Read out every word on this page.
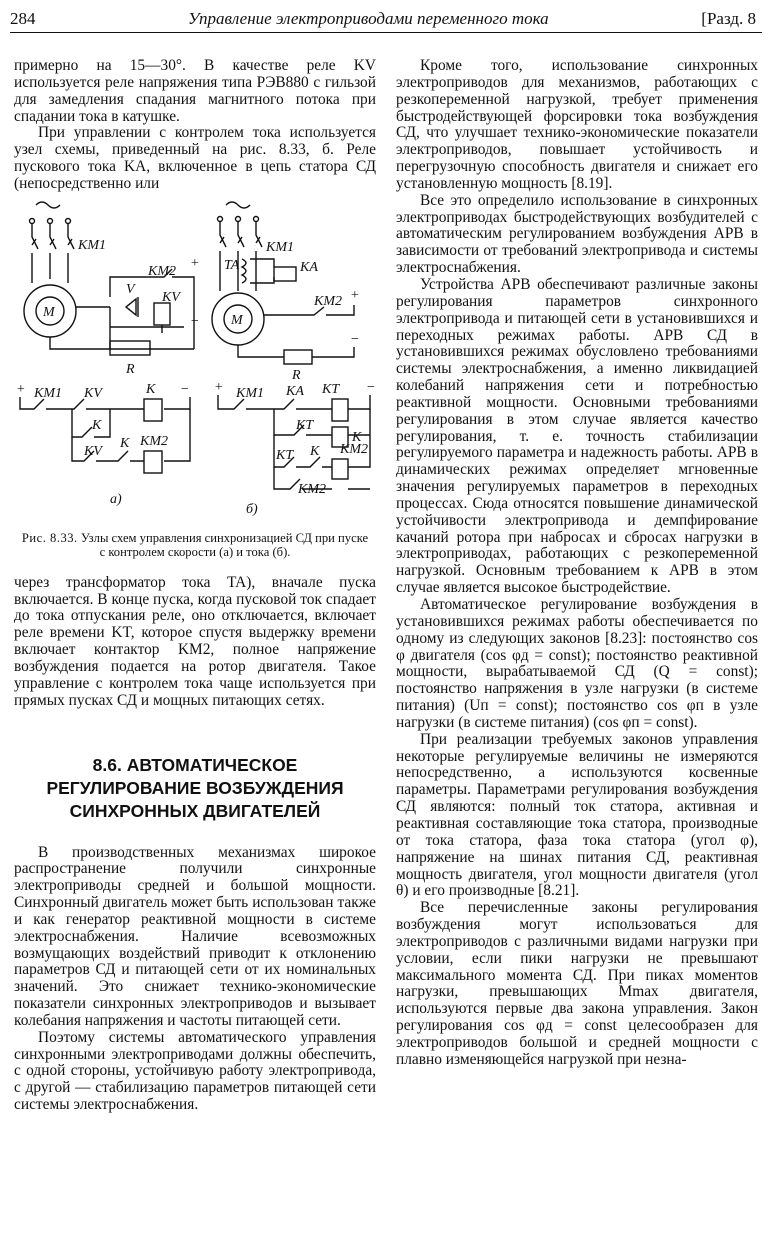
284	Управление электроприводами переменного тока	[Разд. 8

примерно на 15—30°. В качестве реле KV используется реле напряжения типа РЭВ880 с гильзой для замедления спадания магнитного потока при спадании тока в катушке.

При управлении с контролем тока используется узел схемы, приведенный на рис. 8.33, б. Реле пускового тока KA, включенное в цепь статора СД (непосредственно или

KM1
M
KM2
−
+
V
KV
R
+	−
KM1 KV	K
K
KV
K KM2
a)
KM1
TA	KA
M
KM2 +
R
−
+	−
KM1 KA KT
KT
K
KT K KM2
KM2
б)
Рис. 8.33. Узлы схем управления синхронизацией СД при пуске с контролем скорости (а) и тока (б).

через трансформатор тока TA), вначале пуска включается. В конце пуска, когда пусковой ток спадает до тока отпускания реле, оно отключается, включает реле времени KT, которое спустя выдержку времени включает контактор KM2, полное напряжение возбуждения подается на ротор двигателя. Такое управление с контролем тока чаще используется при прямых пусках СД и мощных питающих сетях.

8.6. АВТОМАТИЧЕСКОЕ РЕГУЛИРОВАНИЕ ВОЗБУЖДЕНИЯ СИНХРОННЫХ ДВИГАТЕЛЕЙ

В производственных механизмах широкое распространение получили синхронные электроприводы средней и большой мощности. Синхронный двигатель может быть использован также и как генератор реактивной мощности в системе электроснабжения. Наличие всевозможных возмущающих воздействий приводит к отклонению параметров СД и питающей сети от их номинальных значений. Это снижает технико-экономические показатели синхронных электроприводов и вызывает колебания напряжения и частоты питающей сети.

Поэтому системы автоматического управления синхронными электроприводами должны обеспечить, с одной стороны, устойчивую работу электропривода, с другой — стабилизацию параметров питающей сети системы электроснабжения.

Кроме того, использование синхронных электроприводов для механизмов, работающих с резкопеременной нагрузкой, требует применения быстродействующей форсировки тока возбуждения СД, что улучшает технико-экономические показатели электроприводов, повышает устойчивость и перегрузочную способность двигателя и снижает его установленную мощность [8.19].

Все это определило использование в синхронных электроприводах быстродействующих возбудителей с автоматическим регулированием возбуждения АРВ в зависимости от требований электропривода и системы электроснабжения.

Устройства АРВ обеспечивают различные законы регулирования параметров синхронного электропривода и питающей сети в установившихся и переходных режимах работы. АРВ СД в установившихся режимах обусловлено требованиями системы электроснабжения, а именно ликвидацией колебаний напряжения сети и потребностью реактивной мощности. Основными требованиями регулирования в этом случае является качество регулирования, т. е. точность стабилизации регулируемого параметра и надежность работы. АРВ в динамических режимах определяет мгновенные значения регулируемых параметров в переходных процессах. Сюда относятся повышение динамической устойчивости электропривода и демпфирование качаний ротора при набросах и сбросах нагрузки в электроприводах, работающих с резкопеременной нагрузкой. Основным требованием к АРВ в этом случае является высокое быстродействие.

Автоматическое регулирование возбуждения в установившихся режимах работы обеспечивается по одному из следующих законов [8.23]: постоянство cos φ двигателя (cos φд = const); постоянство реактивной мощности, вырабатываемой СД (Q = const); постоянство напряжения в узле нагрузки (в системе питания) (Uп = const); постоянство cos φп в узле нагрузки (в системе питания) (cos φп = const).

При реализации требуемых законов управления некоторые регулируемые величины не измеряются непосредственно, а используются косвенные параметры. Параметрами регулирования возбуждения СД являются: полный ток статора, активная и реактивная составляющие тока статора, производные от тока статора, фаза тока статора (угол φ), напряжение на шинах питания СД, реактивная мощность двигателя, угол мощности двигателя (угол θ) и его производные [8.21].

Все перечисленные законы регулирования возбуждения могут использоваться для электроприводов с различными видами нагрузки при условии, если пики нагрузки не превышают максимального момента СД. При пиках моментов нагрузки, превышающих Mmax двигателя, используются первые два закона управления. Закон регулирования cos φд = const целесообразен для электроприводов большой и средней мощности с плавно изменяющейся нагрузкой при незна-
